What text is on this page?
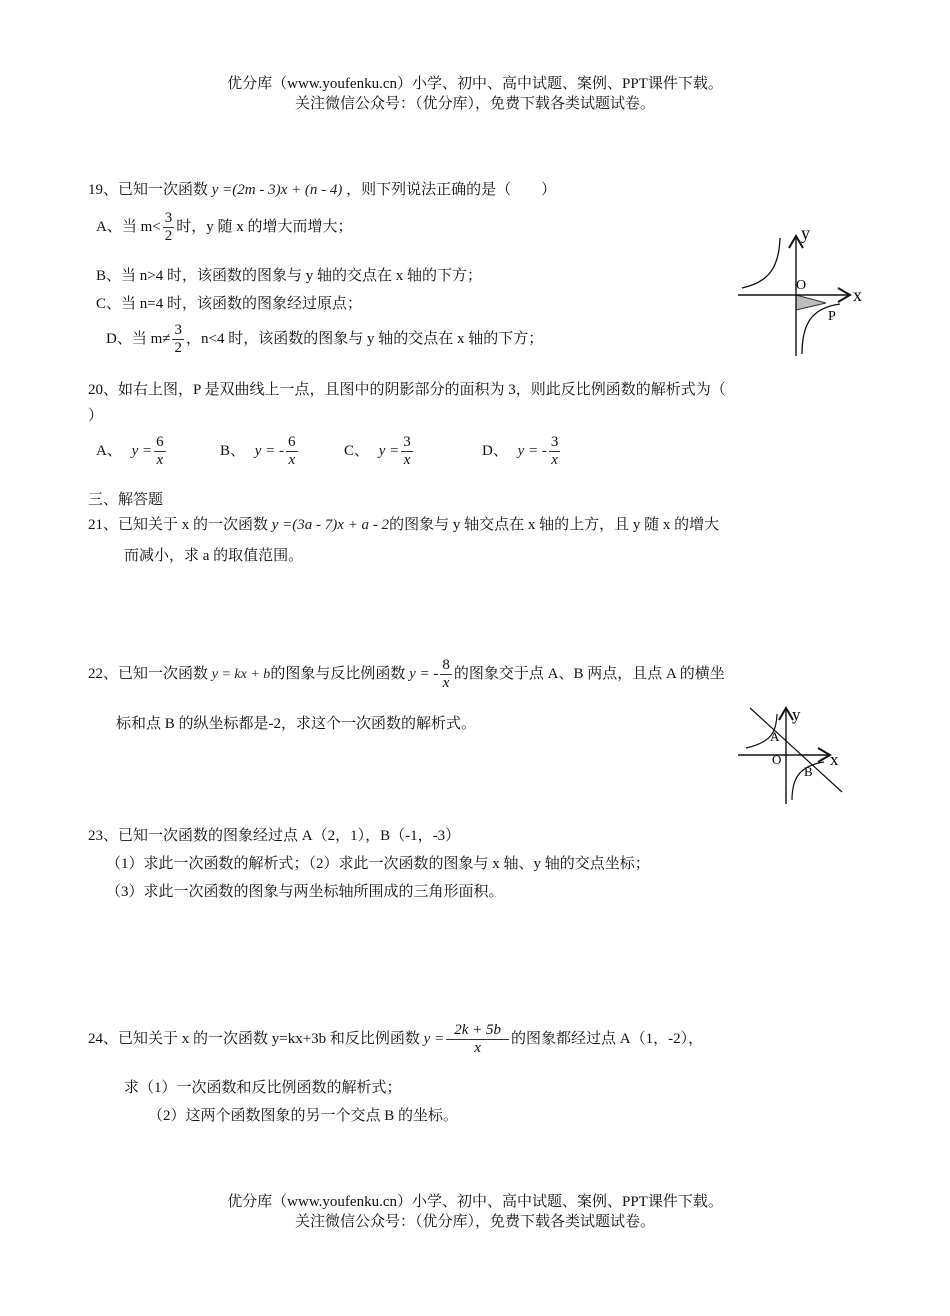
优分库（www.youfenku.cn）小学、初中、高中试题、案例、PPT课件下载。
关注微信公众号：（优分库），免费下载各类试题试卷。
19、已知一次函数 y =(2m - 3)x + (n - 4) ，则下列说法正确的是（　　）
A、当 $m< \frac{3}{2}$ 时，y 随 x 的增大而增大；
B、当 n>4 时，该函数的图象与 y 轴的交点在 x 轴的下方；
C、当 n=4 时，该函数的图象经过原点；
D、当 $m\ne \frac{3}{2}$ ，n<4 时，该函数的图象与 y 轴的交点在 x 轴的下方；
y
x
O
P
20、如右上图，P 是双曲线上一点，且图中的阴影部分的面积为 3，则此反比例函数的解析式为（
）
A、 $y = \frac{6}{x}$	B、 y = - $\frac{6}{x}$	C、 $y = \frac{3}{x}$	D、 y = - $\frac{3}{x}$
三、解答题
21、已知关于 x 的一次函数 y =(3a - 7)x + a - 2的图象与 y 轴交点在 x 轴的上方，且 y 随 x 的增大
而减小，求 a 的取值范围。
22、已知一次函数 y = kx + b的图象与反比例函数 y = - $\frac{8}{x}$ 的图象交于点 A、B 两点，且点 A 的横坐
标和点 B 的纵坐标都是-2，求这个一次函数的解析式。	y
x
O
A
B
23、已知一次函数的图象经过点 A（2，1），B（-1，-3）
（1）求此一次函数的解析式；（2）求此一次函数的图象与 x 轴、y 轴的交点坐标；
（3）求此一次函数的图象与两坐标轴所围成的三角形面积。
24、已知关于 x 的一次函数 y=kx+3b 和反比例函数 $y = \frac{2k + 5b}{x}$ 的图象都经过点 A（1，-2），
求（1）一次函数和反比例函数的解析式；
（2）这两个函数图象的另一个交点 B 的坐标。
优分库（www.youfenku.cn）小学、初中、高中试题、案例、PPT课件下载。
关注微信公众号：（优分库），免费下载各类试题试卷。
